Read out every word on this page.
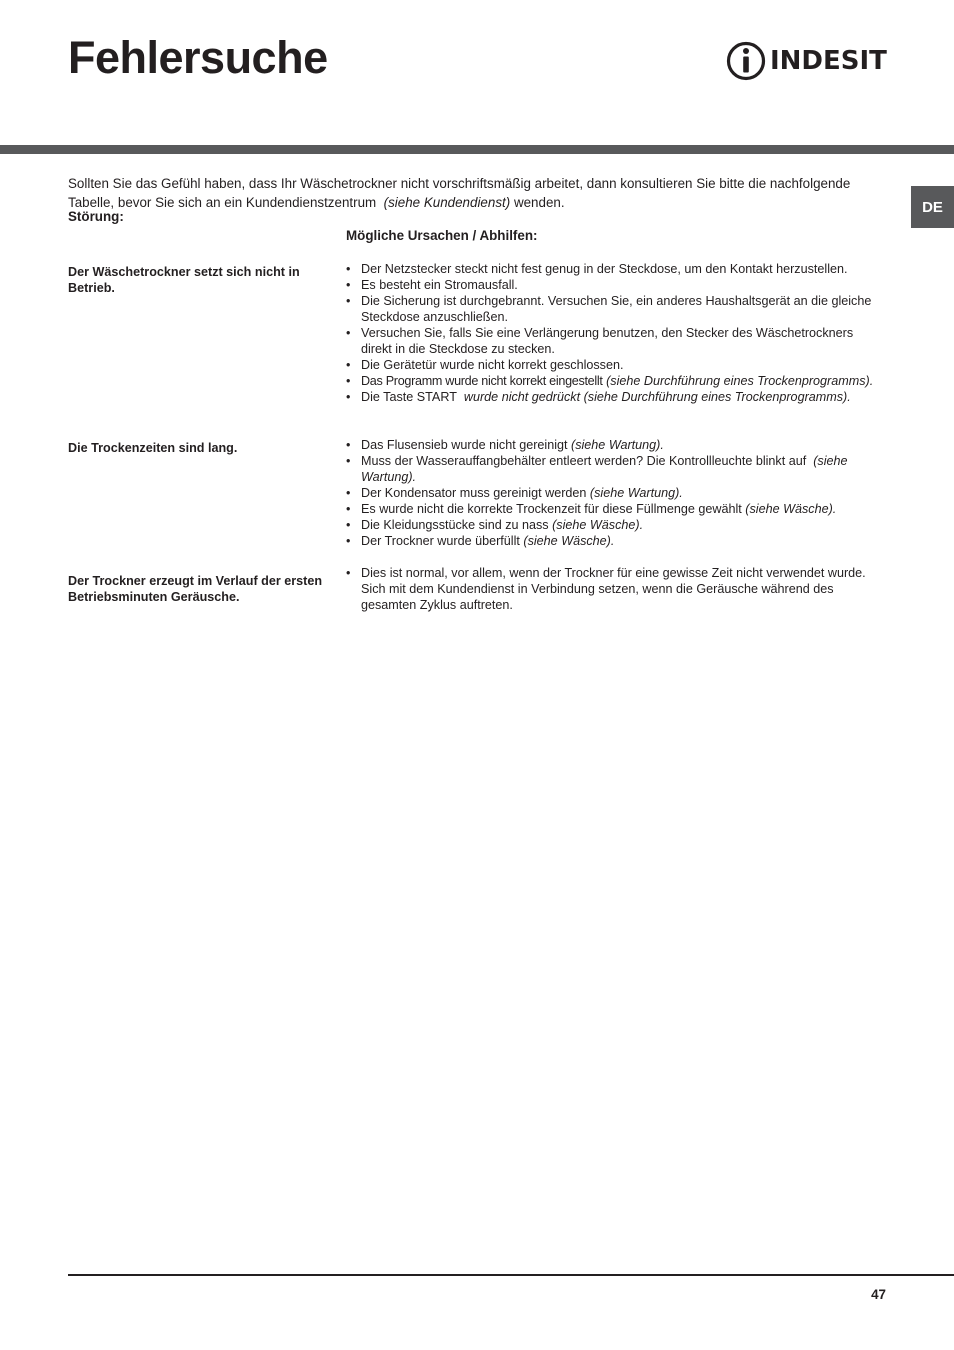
Fehlersuche	INDESIT
DE

Sollten Sie das Gefühl haben, dass Ihr Wäschetrockner nicht vorschriftsmäßig arbeitet, dann konsultieren Sie bitte die nachfolgende Tabelle, bevor Sie sich an ein Kundendienstzentrum (siehe Kundendienst) wenden.

Störung:
Mögliche Ursachen / Abhilfen:
Der Wäschetrockner setzt sich nicht in Betrieb.
• Der Netzstecker steckt nicht fest genug in der Steckdose, um den Kontakt herzustellen.
• Es besteht ein Stromausfall.
• Die Sicherung ist durchgebrannt. Versuchen Sie, ein anderes Haushaltsgerät an die gleiche Steckdose anzuschließen.
• Versuchen Sie, falls Sie eine Verlängerung benutzen, den Stecker des Wäschetrockners direkt in die Steckdose zu stecken.
• Die Gerätetür wurde nicht korrekt geschlossen.
• Das Programm wurde nicht korrekt eingestellt (siehe Durchführung eines Trockenprogramms).
• Die Taste START wurde nicht gedrückt (siehe Durchführung eines Trockenprogramms).
Die Trockenzeiten sind lang.
•	Das Flusensieb wurde nicht gereinigt (siehe Wartung).
• Muss der Wasserauffangbehälter entleert werden? Die Kontrollleuchte blinkt auf (siehe Wartung).
• Der Kondensator muss gereinigt werden (siehe Wartung).
• Es wurde nicht die korrekte Trockenzeit für diese Füllmenge gewählt (siehe Wäsche).
• Die Kleidungsstücke sind zu nass (siehe Wäsche).
• Der Trockner wurde überfüllt (siehe Wäsche).
Der Trockner erzeugt im Verlauf der ersten Betriebsminuten Geräusche.
• Dies ist normal, vor allem, wenn der Trockner für eine gewisse Zeit nicht verwendet wurde. Sich mit dem Kundendienst in Verbindung setzen, wenn die Geräusche während des gesamten Zyklus auftreten.
47
